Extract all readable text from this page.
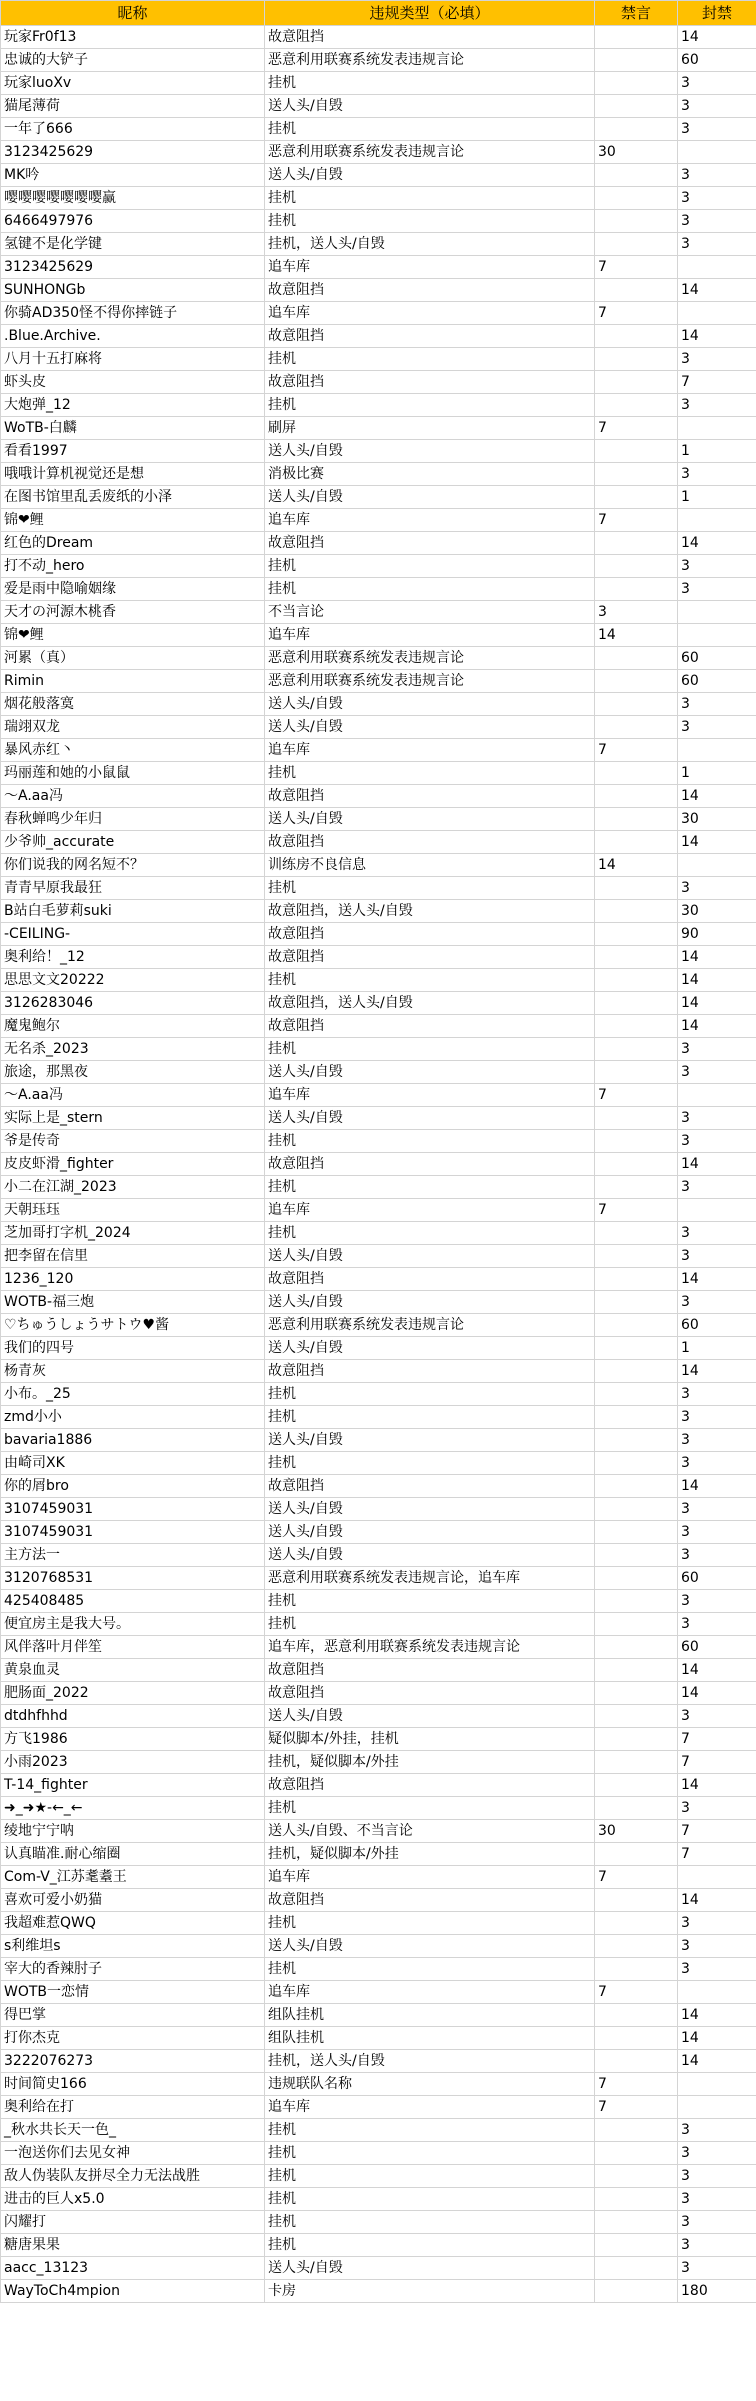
昵称	违规类型（必填）	禁言	封禁
玩家Fr0f13	故意阻挡		14
忠诚的大铲子	恶意利用联赛系统发表违规言论		60
玩家luoXv	挂机		3
猫尾薄荷	送人头/自毁		3
一年了666	挂机		3
3123425629	恶意利用联赛系统发表违规言论	30	
MK吟	送人头/自毁		3
嘤嘤嘤嘤嘤嘤嘤赢	挂机		3
6466497976	挂机		3
氢键不是化学键	挂机，送人头/自毁		3
3123425629	追车库	7	
SUNHONGb	故意阻挡		14
你骑AD350怪不得你摔链子	追车库	7	
.Blue.Archive.	故意阻挡		14
八月十五打麻将	挂机		3
虾头皮	故意阻挡		7
大炮弹_12	挂机		3
WoTB-白麟	刷屏	7	
看看1997	送人头/自毁		1
哦哦计算机视觉还是想	消极比赛		3
在图书馆里乱丢废纸的小泽	送人头/自毁		1
锦❤鲤	追车库	7	
红色的Dream	故意阻挡		14
打不动_hero	挂机		3
爱是雨中隐喻姻缘	挂机		3
天才の河源木桃香	不当言论	3	
锦❤鲤	追车库	14	
河累（真）	恶意利用联赛系统发表违规言论		60
Rimin	恶意利用联赛系统发表违规言论		60
烟花般落寞	送人头/自毁		3
瑞翊双龙	送人头/自毁		3
暴风赤红丶	追车库	7	
玛丽莲和她的小鼠鼠	挂机		1
～A.aa冯	故意阻挡		14
春秋蝉鸣少年归	送人头/自毁		30
少爷帅_accurate	故意阻挡		14
你们说我的网名短不？	训练房不良信息	14	
青青早原我最狂	挂机		3
B站白毛萝莉suki	故意阻挡，送人头/自毁		30
-CEILING-	故意阻挡		90
奥利给！_12	故意阻挡		14
思思文文20222	挂机		14
3126283046	故意阻挡，送人头/自毁		14
魔鬼鲍尔	故意阻挡		14
无名杀_2023	挂机		3
旅途，那黑夜	送人头/自毁		3
～A.aa冯	追车库	7	
实际上是_stern	送人头/自毁		3
爷是传奇	挂机		3
皮皮虾滑_fighter	故意阻挡		14
小二在江湖_2023	挂机		3
天朝珏珏	追车库	7	
芝加哥打字机_2024	挂机		3
把李留在信里	送人头/自毁		3
1236_120	故意阻挡		14
WOTB-福三炮	送人头/自毁		3
♡ちゅうしょうサトウ♥酱	恶意利用联赛系统发表违规言论		60
我们的四号	送人头/自毁		1
杨青灰	故意阻挡		14
小布。_25	挂机		3
zmd小小	挂机		3
bavaria1886	送人头/自毁		3
由崎司XK	挂机		3
你的屑bro	故意阻挡		14
3107459031	送人头/自毁		3
3107459031	送人头/自毁		3
主方法一	送人头/自毁		3
3120768531	恶意利用联赛系统发表违规言论，追车库		60
425408485	挂机		3
便宜房主是我大号。	挂机		3
风伴落叶月伴笙	追车库，恶意利用联赛系统发表违规言论		60
黄泉血灵	故意阻挡		14
肥肠面_2022	故意阻挡		14
dtdhfhhd	送人头/自毁		3
方飞1986	疑似脚本/外挂，挂机		7
小雨2023	挂机，疑似脚本/外挂		7
T-14_fighter	故意阻挡		14
➜_➜★-←_←	挂机		3
绫地宁宁呐	送人头/自毁、不当言论	30	7
认真瞄准.耐心缩圈	挂机，疑似脚本/外挂		7
Com-V_江苏耄耋王	追车库	7	
喜欢可爱小奶猫	故意阻挡		14
我超难惹QWQ	挂机		3
s利维坦s	送人头/自毁		3
宰大的香辣肘子	挂机		3
WOTB一恋情	追车库	7	
得巴掌	组队挂机		14
打你杰克	组队挂机		14
3222076273	挂机，送人头/自毁		14
时间简史166	违规联队名称	7	
奥利给在打	追车库	7	
_秋水共长天一色_	挂机		3
一泡送你们去见女神	挂机		3
敌人伪装队友拼尽全力无法战胜	挂机		3
进击的巨人x5.0	挂机		3
闪耀打	挂机		3
糖唐果果	挂机		3
aacc_13123	送人头/自毁		3
WayToCh4mpion	卡房		180
